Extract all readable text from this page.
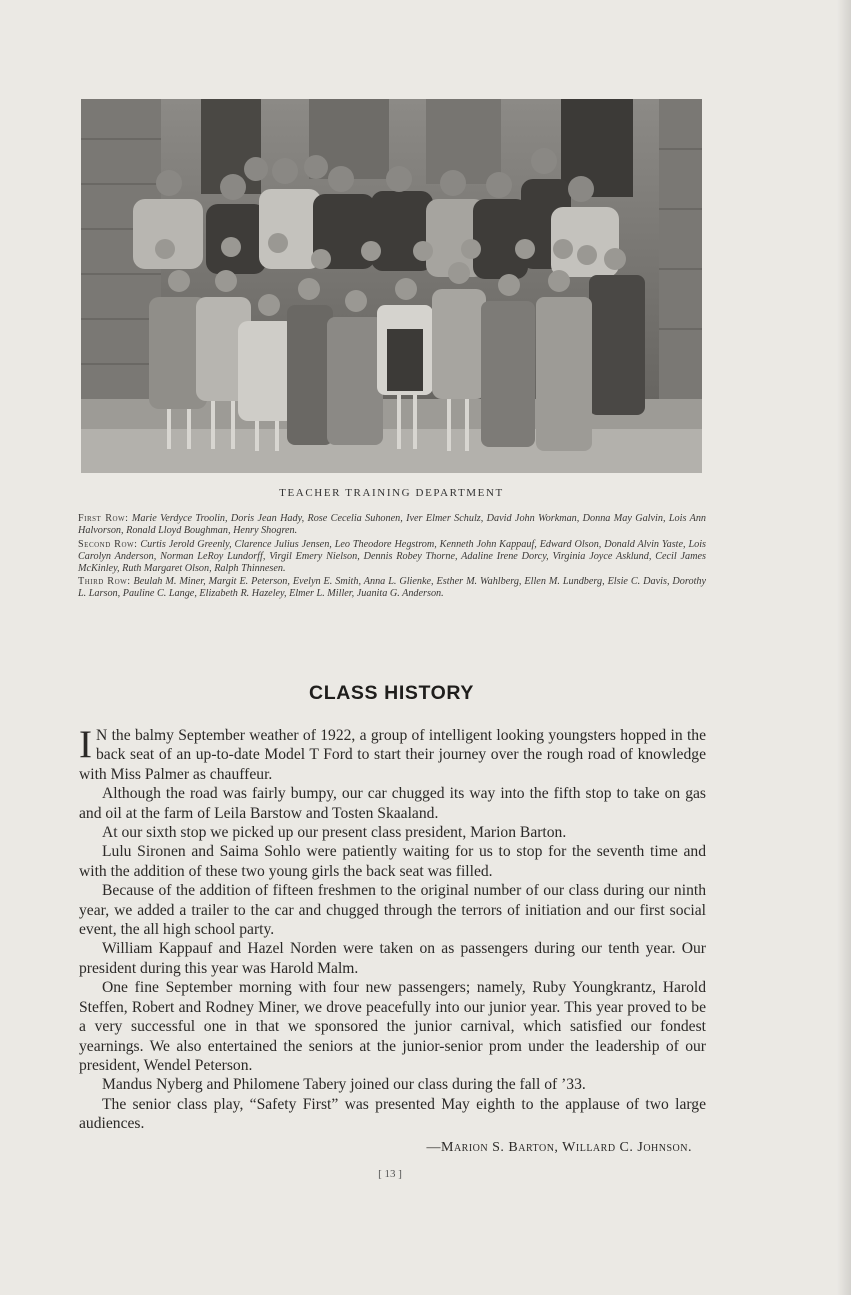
TEACHER TRAINING DEPARTMENT
First Row: Marie Verdyce Troolin, Doris Jean Hady, Rose Cecelia Suhonen, Iver Elmer Schulz, David John Workman, Donna May Galvin, Lois Ann Halvorson, Ronald Lloyd Boughman, Henry Shogren.
Second Row: Curtis Jerold Greenly, Clarence Julius Jensen, Leo Theodore Hegstrom, Kenneth John Kappauf, Edward Olson, Donald Alvin Yaste, Lois Carolyn Anderson, Norman LeRoy Lundorff, Virgil Emery Nielson, Dennis Robey Thorne, Adaline Irene Dorcy, Virginia Joyce Asklund, Cecil James McKinley, Ruth Margaret Olson, Ralph Thinnesen.
Third Row: Beulah M. Miner, Margit E. Peterson, Evelyn E. Smith, Anna L. Glienke, Esther M. Wahlberg, Ellen M. Lundberg, Elsie C. Davis, Dorothy L. Larson, Pauline C. Lange, Elizabeth R. Hazeley, Elmer L. Miller, Juanita G. Anderson.
CLASS HISTORY

I N the balmy September weather of 1922, a group of intelligent looking youngsters hopped in the back seat of an up-to-date Model T Ford to start their journey over the rough road of knowledge with Miss Palmer as chauffeur.

Although the road was fairly bumpy, our car chugged its way into the fifth stop to take on gas and oil at the farm of Leila Barstow and Tosten Skaaland.

At our sixth stop we picked up our present class president, Marion Barton.

Lulu Sironen and Saima Sohlo were patiently waiting for us to stop for the seventh time and with the addition of these two young girls the back seat was filled.

Because of the addition of fifteen freshmen to the original number of our class during our ninth year, we added a trailer to the car and chugged through the terrors of initiation and our first social event, the all high school party.

William Kappauf and Hazel Norden were taken on as passengers during our tenth year. Our president during this year was Harold Malm.

One fine September morning with four new passengers; namely, Ruby Youngkrantz, Harold Steffen, Robert and Rodney Miner, we drove peacefully into our junior year. This year proved to be a very successful one in that we sponsored the junior carnival, which satisfied our fondest yearnings. We also entertained the seniors at the junior-senior prom under the leadership of our president, Wendel Peterson.

Mandus Nyberg and Philomene Tabery joined our class during the fall of ’33.

The senior class play, “Safety First” was presented May eighth to the applause of two large audiences.

—Marion S. Barton, Willard C. Johnson.
[ 13 ]
